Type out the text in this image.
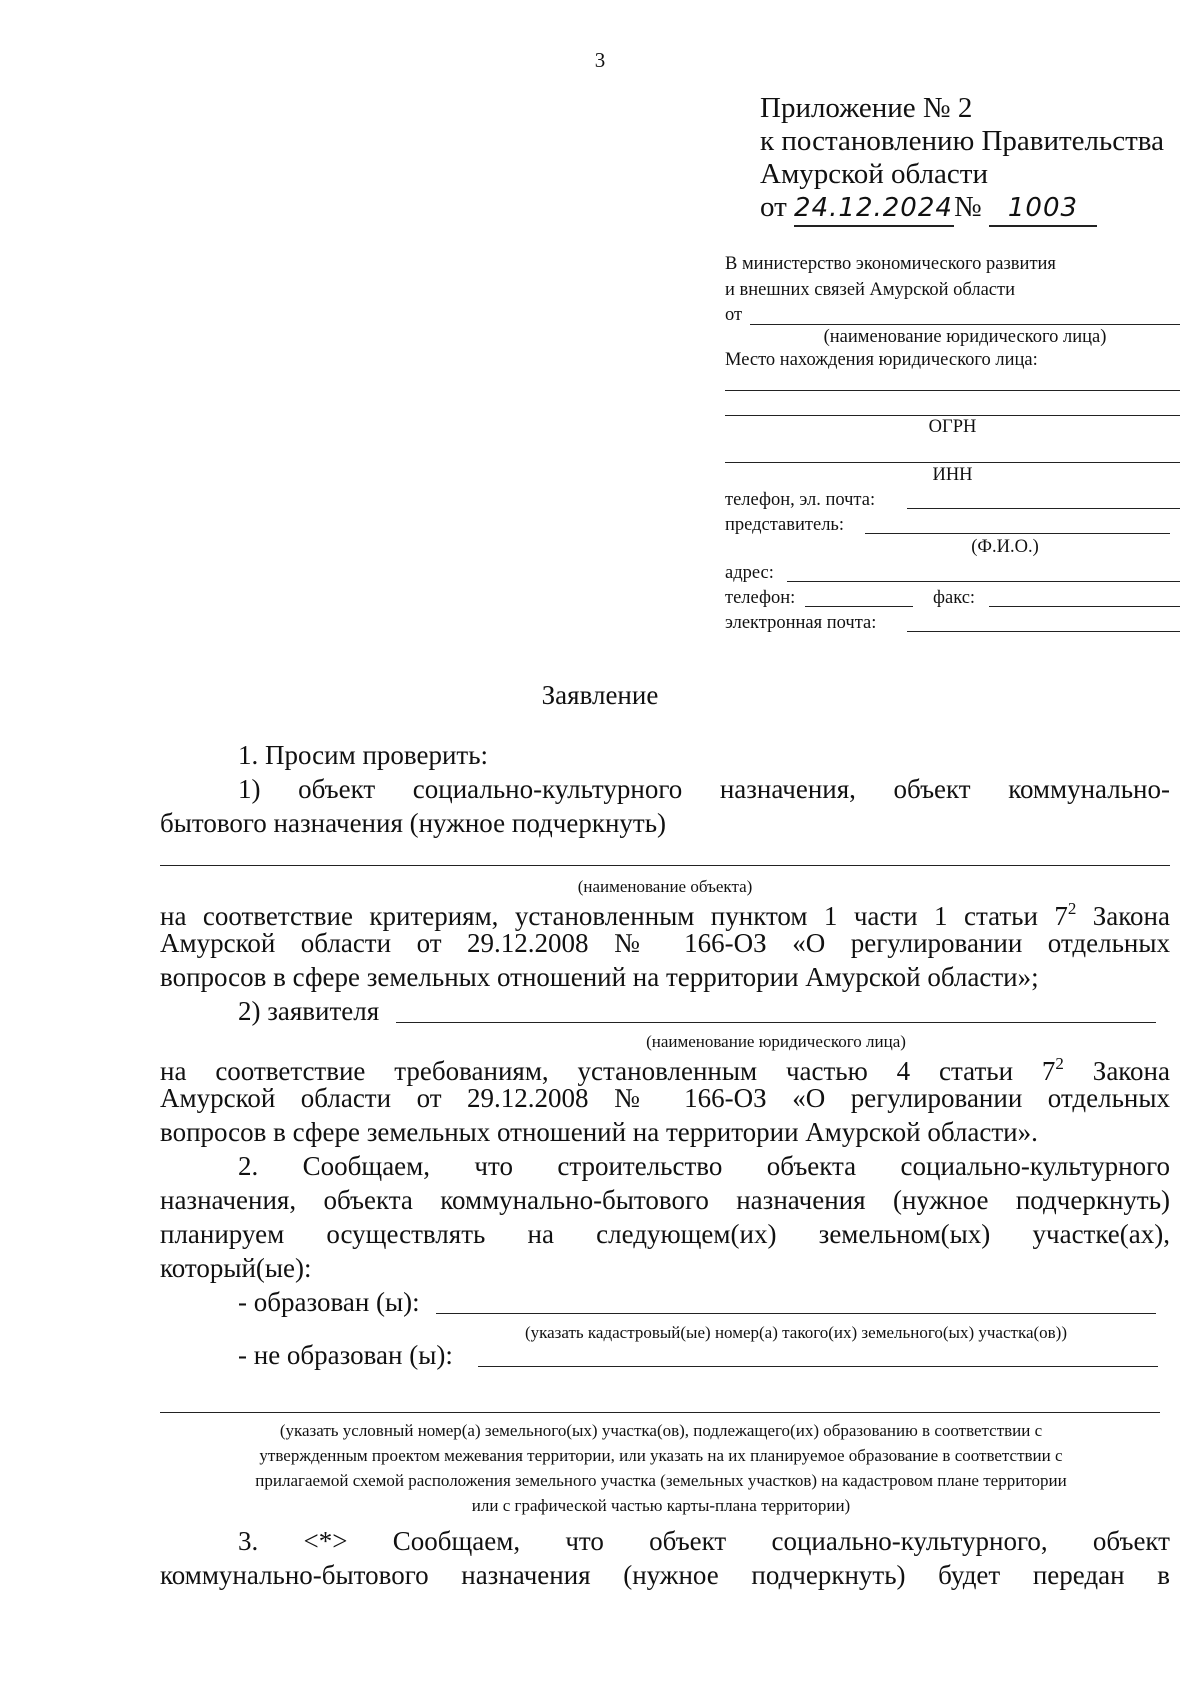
3
Приложение № 2
к постановлению Правительства
Амурской области
от 24.12.2024№ 1003
В министерство экономического развития
и внешних связей Амурской области
от
(наименование юридического лица)
Место нахождения юридического лица:
ОГРН
ИНН
телефон, эл. почта:
представитель:
(Ф.И.О.)
адрес:
телефон:	факс:
электронная почта:
Заявление
1. Просим проверить:
1) объект социально-культурного назначения, объект коммунально-
бытового назначения (нужное подчеркнуть)
(наименование объекта)
на соответствие критериям, установленным пунктом 1 части 1 статьи $7^2$ Закона
Амурской области от 29.12.2008 № 166-ОЗ «О регулировании отдельных
вопросов в сфере земельных отношений на территории Амурской области»;
2) заявителя
(наименование юридического лица)
на соответствие требованиям, установленным частью 4 статьи $7^2$ Закона
Амурской области от 29.12.2008 № 166-ОЗ «О регулировании отдельных
вопросов в сфере земельных отношений на территории Амурской области».
2. Сообщаем, что строительство объекта социально-культурного
назначения, объекта коммунально-бытового назначения (нужное подчеркнуть)
планируем осуществлять на следующем(их) земельном(ых) участке(ах),
который(ые):
- образован (ы):
(указать кадастровый(ые) номер(а) такого(их) земельного(ых) участка(ов))
- не образован (ы):
(указать условный номер(а) земельного(ых) участка(ов), подлежащего(их) образованию в соответствии с
утвержденным проектом межевания территории, или указать на их планируемое образование в соответствии с
прилагаемой схемой расположения земельного участка (земельных участков) на кадастровом плане территории
или с графической частью карты-плана территории)
3. <*> Сообщаем, что объект социально-культурного, объект
коммунально-бытового назначения (нужное подчеркнуть) будет передан в
